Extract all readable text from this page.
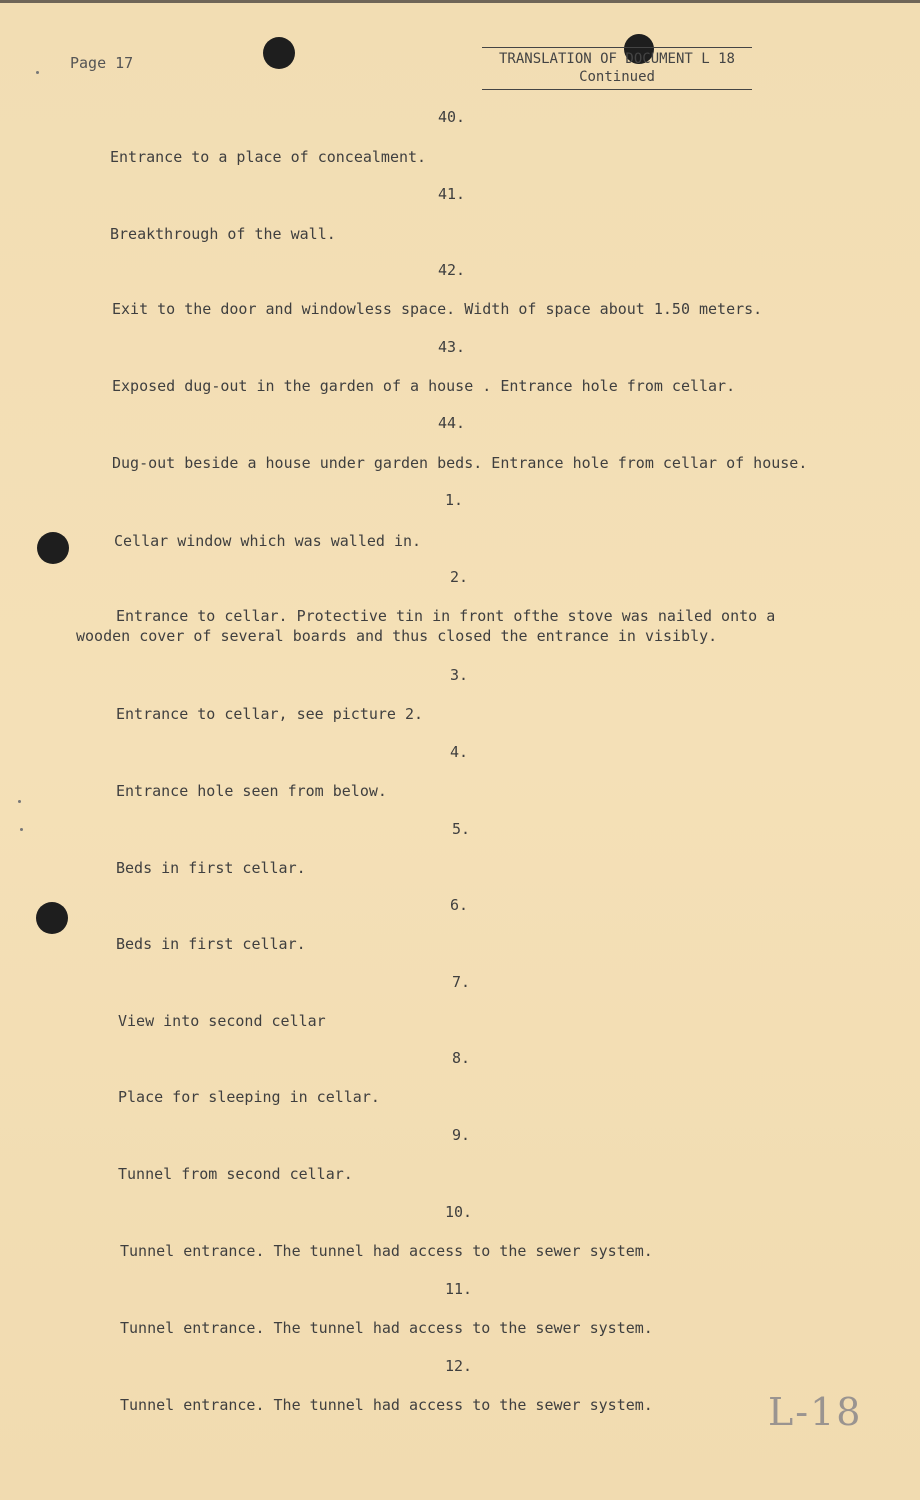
Page 17	TRANSLATION OF DOCUMENT L 18
Continued
40.
Entrance to a place of concealment.
41.
Breakthrough of the wall.
42.
Exit to the door and windowless space. Width of space about 1.50 meters.
43.
Exposed dug-out in the garden of a house . Entrance hole from cellar.
44.
Dug-out beside a house under garden beds. Entrance hole from cellar of house.
1.
Cellar window which was walled in.
2.
Entrance to cellar. Protective tin in front ofthe stove was nailed onto a
wooden cover of several boards and thus closed the entrance in visibly.
3.
Entrance to cellar, see picture 2.
4.
Entrance hole seen from below.
5.
Beds in first cellar.
6.
Beds in first cellar.
7.
View into second cellar
8.
Place for sleeping in cellar.
9.
Tunnel from second cellar.
10.
Tunnel entrance. The tunnel had access to the sewer system.
11.
Tunnel entrance. The tunnel had access to the sewer system.
12.
Tunnel entrance. The tunnel had access to the sewer system.	L-18
